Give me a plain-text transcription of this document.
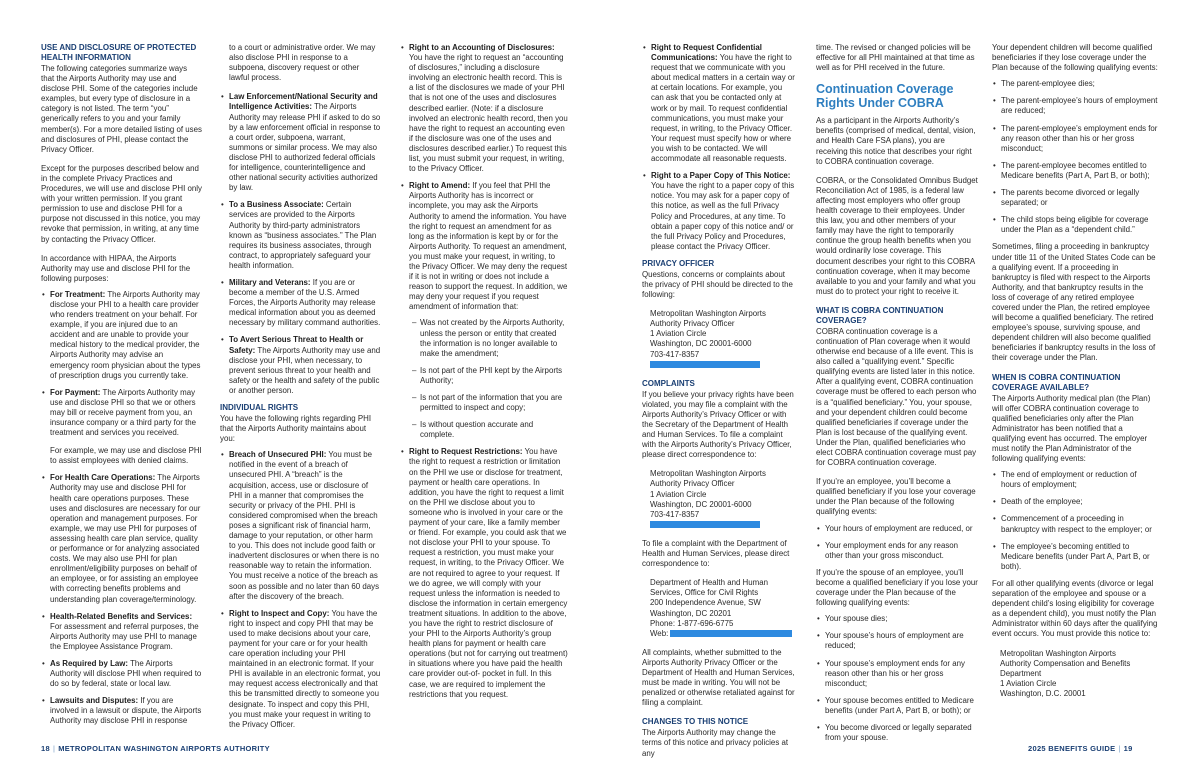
USE AND DISCLOSURE OF PROTECTED HEALTH INFORMATION

The following categories summarize ways that the Airports Authority may use and disclose PHI. Some of the categories include examples, but every type of disclosure in a category is not listed. The term “you” generically refers to you and your family member(s). For a more detailed listing of uses and disclosures of PHI, please contact the Privacy Officer.

Except for the purposes described below and in the complete Privacy Practices and Procedures, we will use and disclose PHI only with your written permission. If you grant permission to use and disclose PHI for a purpose not discussed in this notice, you may revoke that permission, in writing, at any time by contacting the Privacy Officer.

In accordance with HIPAA, the Airports Authority may use and disclose PHI for the following purposes:

• For Treatment: The Airports Authority may disclose your PHI to a health care provider who renders treatment on your behalf. For example, if you are injured due to an accident and are unable to provide your medical history to the medical provider, the Airports Authority may advise an emergency room physician about the types of prescription drugs you currently take.
• For Payment: The Airports Authority may use and disclose PHI so that we or others may bill or receive payment from you, an insurance company or a third party for the treatment and services you received.
For example, we may use and disclose PHI to assist employees with denied claims.
• For Health Care Operations: The Airports Authority may use and disclose PHI for health care operations purposes. These uses and disclosures are necessary for our operation and management purposes. For example, we may use PHI for purposes of assessing health care plan service, quality or performance or for analyzing associated costs. We may also use PHI for plan enrollment/eligibility purposes on behalf of an employee, or for assisting an employee with correcting benefits problems and understanding plan coverage/terminology.
• Health-Related Benefits and Services: For assessment and referral purposes, the Airports Authority may use PHI to manage the Employee Assistance Program.
• As Required by Law: The Airports Authority will disclose PHI when required to do so by federal, state or local law.
• Lawsuits and Disputes: If you are involved in a lawsuit or dispute, the Airports Authority may disclose PHI in response

to a court or administrative order. We may also disclose PHI in response to a subpoena, discovery request or other lawful process.

• Law Enforcement/National Security and Intelligence Activities: The Airports Authority may release PHI if asked to do so by a law enforcement official in response to a court order, subpoena, warrant, summons or similar process. We may also disclose PHI to authorized federal officials for intelligence, counterintelligence and other national security activities authorized by law.
• To a Business Associate: Certain services are provided to the Airports Authority by third-party administrators known as “business associates.” The Plan requires its business associates, through contract, to appropriately safeguard your health information.
• Military and Veterans: If you are or become a member of the U.S. Armed Forces, the Airports Authority may release medical information about you as deemed necessary by military command authorities.
• To Avert Serious Threat to Health or Safety: The Airports Authority may use and disclose your PHI, when necessary, to prevent serious threat to your health and safety or the health and safety of the public or another person.
INDIVIDUAL RIGHTS

You have the following rights regarding PHI that the Airports Authority maintains about you:

• Breach of Unsecured PHI: You must be notified in the event of a breach of unsecured PHI. A “breach” is the acquisition, access, use or disclosure of PHI in a manner that compromises the security or privacy of the PHI. PHI is considered compromised when the breach poses a significant risk of financial harm, damage to your reputation, or other harm to you. This does not include good faith or inadvertent disclosures or when there is no reasonable way to retain the information. You must receive a notice of the breach as soon as possible and no later than 60 days after the discovery of the breach.
• Right to Inspect and Copy: You have the right to inspect and copy PHI that may be used to make decisions about your care, payment for your care or for your health care operation including your PHI maintained in an electronic format. If your PHI is available in an electronic format, you may request access electronically and that this be transmitted directly to someone you designate. To inspect and copy this PHI, you must make your request in writing to the Privacy Officer.
• Right to an Accounting of Disclosures: You have the right to request an “accounting of disclosures,” including a disclosure involving an electronic health record. This is a list of the disclosures we made of your PHI that is not one of the uses and disclosures described earlier. (Note: if a disclosure involved an electronic health record, then you have the right to request an accounting even if the disclosure was one of the uses and disclosures described earlier.) To request this list, you must submit your request, in writing, to the Privacy Officer.
• Right to Amend: If you feel that PHI the Airports Authority has is incorrect or incomplete, you may ask the Airports Authority to amend the information. You have the right to request an amendment for as long as the information is kept by or for the Airports Authority. To request an amendment, you must make your request, in writing, to the Privacy Officer. We may deny the request if it is not in writing or does not include a reason to support the request. In addition, we may deny your request if you request amendment of information that:
– Was not created by the Airports Authority, unless the person or entity that created the information is no longer available to make the amendment;
– Is not part of the PHI kept by the Airports Authority;
– Is not part of the information that you are permitted to inspect and copy;
– Is without question accurate and complete.
• Right to Request Restrictions: You have the right to request a restriction or limitation on the PHI we use or disclose for treatment, payment or health care operations. In addition, you have the right to request a limit on the PHI we disclose about you to someone who is involved in your care or the payment of your care, like a family member or friend. For example, you could ask that we not disclose your PHI to your spouse. To request a restriction, you must make your request, in writing, to the Privacy Officer. We are not required to agree to your request. If we do agree, we will comply with your request unless the information is needed to disclose the information in certain emergency treatment situations. In addition to the above, you have the right to restrict disclosure of your PHI to the Airports Authority’s group health plans for payment or health care operations (but not for carrying out treatment) in situations where you have paid the health care provider out-of- pocket in full. In this case, we are required to implement the restrictions that you request.
18 | METROPOLITAN WASHINGTON AIRPORTS AUTHORITY
• Right to Request Confidential Communications: You have the right to request that we communicate with you about medical matters in a certain way or at certain locations. For example, you can ask that you be contacted only at work or by mail. To request confidential communications, you must make your request, in writing, to the Privacy Officer. Your request must specify how or where you wish to be contacted. We will accommodate all reasonable requests.
• Right to a Paper Copy of This Notice: You have the right to a paper copy of this notice. You may ask for a paper copy of this notice, as well as the full Privacy Policy and Procedures, at any time. To obtain a paper copy of this notice and/ or the full Privacy Policy and Procedures, please contact the Privacy Officer.
PRIVACY OFFICER

Questions, concerns or complaints about the privacy of PHI should be directed to the following:

Metropolitan Washington Airports
Authority Privacy Officer
1 Aviation Circle
Washington, DC 20001-6000
703-417-8357
COMPLAINTS

If you believe your privacy rights have been violated, you may file a complaint with the Airports Authority’s Privacy Officer or with the Secretary of the Department of Health and Human Services. To file a complaint with the Airports Authority’s Privacy Officer, please direct correspondence to:

Metropolitan Washington Airports
Authority Privacy Officer
1 Aviation Circle
Washington, DC 20001-6000
703-417-8357

To file a complaint with the Department of Health and Human Services, please direct correspondence to:

Department of Health and Human
Services, Office for Civil Rights
200 Independence Avenue, SW
Washington, DC 20201
Phone: 1-877-696-6775
Web:

All complaints, whether submitted to the Airports Authority Privacy Officer or the Department of Health and Human Services, must be made in writing. You will not be penalized or otherwise retaliated against for filing a complaint.

CHANGES TO THIS NOTICE

The Airports Authority may change the terms of this notice and privacy policies at any

time. The revised or changed policies will be effective for all PHI maintained at that time as well as for PHI received in the future.

Continuation Coverage Rights Under COBRA

As a participant in the Airports Authority’s benefits (comprised of medical, dental, vision, and Health Care FSA plans), you are receiving this notice that describes your right to COBRA continuation coverage.

COBRA, or the Consolidated Omnibus Budget Reconciliation Act of 1985, is a federal law affecting most employers who offer group health coverage to their employees. Under this law, you and other members of your family may have the right to temporarily continue the group health benefits when you would ordinarily lose coverage. This document describes your right to this COBRA continuation coverage, when it may become available to you and your family and what you must do to protect your right to receive it.

WHAT IS COBRA CONTINUATION COVERAGE?

COBRA continuation coverage is a continuation of Plan coverage when it would otherwise end because of a life event. This is also called a “qualifying event.” Specific qualifying events are listed later in this notice. After a qualifying event, COBRA continuation coverage must be offered to each person who is a “qualified beneficiary.” You, your spouse, and your dependent children could become qualified beneficiaries if coverage under the Plan is lost because of the qualifying event. Under the Plan, qualified beneficiaries who elect COBRA continuation coverage must pay for COBRA continuation coverage.

If you’re an employee, you’ll become a qualified beneficiary if you lose your coverage under the Plan because of the following qualifying events:

• Your hours of employment are reduced, or
• Your employment ends for any reason other than your gross misconduct.

If you’re the spouse of an employee, you’ll become a qualified beneficiary if you lose your coverage under the Plan because of the following qualifying events:

• Your spouse dies;
• Your spouse’s hours of employment are reduced;
• Your spouse’s employment ends for any reason other than his or her gross misconduct;
• Your spouse becomes entitled to Medicare benefits (under Part A, Part B, or both); or
• You become divorced or legally separated from your spouse.

Your dependent children will become qualified beneficiaries if they lose coverage under the Plan because of the following qualifying events:

• The parent-employee dies;
• The parent-employee’s hours of employment are reduced;
• The parent-employee’s employment ends for any reason other than his or her gross misconduct;
• The parent-employee becomes entitled to Medicare benefits (Part A, Part B, or both);
• The parents become divorced or legally separated; or
• The child stops being eligible for coverage under the Plan as a “dependent child.”

Sometimes, filing a proceeding in bankruptcy under title 11 of the United States Code can be a qualifying event. If a proceeding in bankruptcy is filed with respect to the Airports Authority, and that bankruptcy results in the loss of coverage of any retired employee covered under the Plan, the retired employee will become a qualified beneficiary. The retired employee’s spouse, surviving spouse, and dependent children will also become qualified beneficiaries if bankruptcy results in the loss of their coverage under the Plan.

WHEN IS COBRA CONTINUATION COVERAGE AVAILABLE?

The Airports Authority medical plan (the Plan) will offer COBRA continuation coverage to qualified beneficiaries only after the Plan Administrator has been notified that a qualifying event has occurred. The employer must notify the Plan Administrator of the following qualifying events:

• The end of employment or reduction of hours of employment;
• Death of the employee;
• Commencement of a proceeding in bankruptcy with respect to the employer; or
• The employee’s becoming entitled to Medicare benefits (under Part A, Part B, or both).

For all other qualifying events (divorce or legal separation of the employee and spouse or a dependent child’s losing eligibility for coverage as a dependent child), you must notify the Plan Administrator within 60 days after the qualifying event occurs. You must provide this notice to:

Metropolitan Washington Airports
Authority Compensation and Benefits
Department
1 Aviation Circle
Washington, D.C. 20001
2025 BENEFITS GUIDE | 19
